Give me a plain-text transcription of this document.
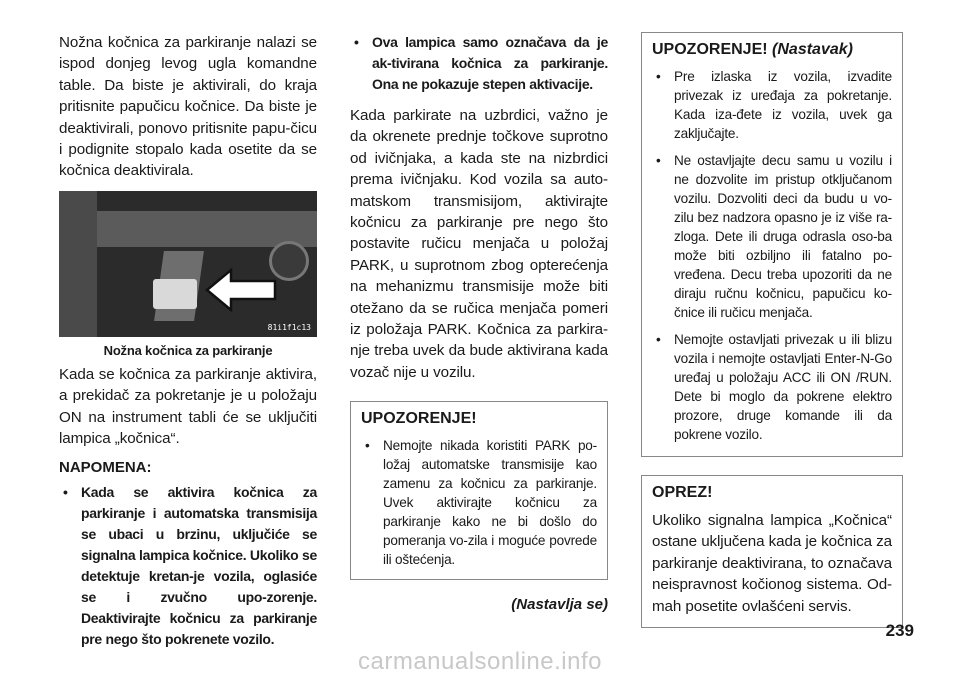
Nožna kočnica za parkiranje nalazi se ispod donjeg levog ugla komandne table. Da biste je aktivirali, do kraja pritisnite papučicu kočnice. Da biste je deaktivirali, ponovo pritisnite papu-čicu i podignite stopalo kada osetite da se kočnica deaktivirala.

81i1f1c13

Nožna kočnica za parkiranje

Kada se kočnica za parkiranje aktivira, a prekidač za pokretanje je u položaju ON na instrument tabli će se uključiti lampica „kočnica“.

NAPOMENA:

• Kada se aktivira kočnica za parkiranje i automatska transmisija se ubaci u brzinu, uključiće se signalna lampica kočnice. Ukoliko se detektuje kretan-je vozila, oglasiće se i zvučno upo-zorenje. Deaktivirajte kočnicu za parkiranje pre nego što pokrenete vozilo.
• Ova lampica samo označava da je ak-tivirana kočnica za parkiranje. Ona ne pokazuje stepen aktivacije.

Kada parkirate na uzbrdici, važno je da okrenete prednje točkove suprotno od ivičnjaka, a kada ste na nizbrdici prema ivičnjaku. Kod vozila sa auto-matskom transmisijom, aktivirajte kočnicu za parkiranje pre nego što postavite ručicu menjača u položaj PARK, u suprotnom zbog opterećenja na mehanizmu transmisije može biti otežano da se ručica menjača pomeri iz položaja PARK. Kočnica za parkira-nje treba uvek da bude aktivirana kada vozač nije u vozilu.

UPOZORENJE!

• Nemojte nikada koristiti PARK po-ložaj automatske transmisije kao zamenu za kočnicu za parkiranje. Uvek aktivirajte kočnicu za parkiranje kako ne bi došlo do pomeranja vo-zila i moguće povrede ili oštećenja.

(Nastavlja se)

UPOZORENJE! (Nastavak)

• Pre izlaska iz vozila, izvadite privezak iz uređaja za pokretanje. Kada iza-đete iz vozila, uvek ga zaključajte.
• Ne ostavljajte decu samu u vozilu i ne dozvolite im pristup otključanom vozilu. Dozvoliti deci da budu u vo-zilu bez nadzora opasno je iz više ra-zloga. Dete ili druga odrasla oso-ba može biti ozbiljno ili fatalno po-vređena. Decu treba upozoriti da ne diraju ručnu kočnicu, papučicu ko-čnice ili ručicu menjača.
• Nemojte ostavljati privezak u ili blizu vozila i nemojte ostavljati Enter-N-Go uređaj u položaju ACC ili ON /RUN. Dete bi moglo da pokrene elektro prozore, druge komande ili da pokrene vozilo.

OPREZ!

Ukoliko signalna lampica „Kočnica“ ostane uključena kada je kočnica za parkiranje deaktivirana, to označava neispravnost kočionog sistema. Od-mah posetite ovlašćeni servis.

239
carmanualsonline.info
